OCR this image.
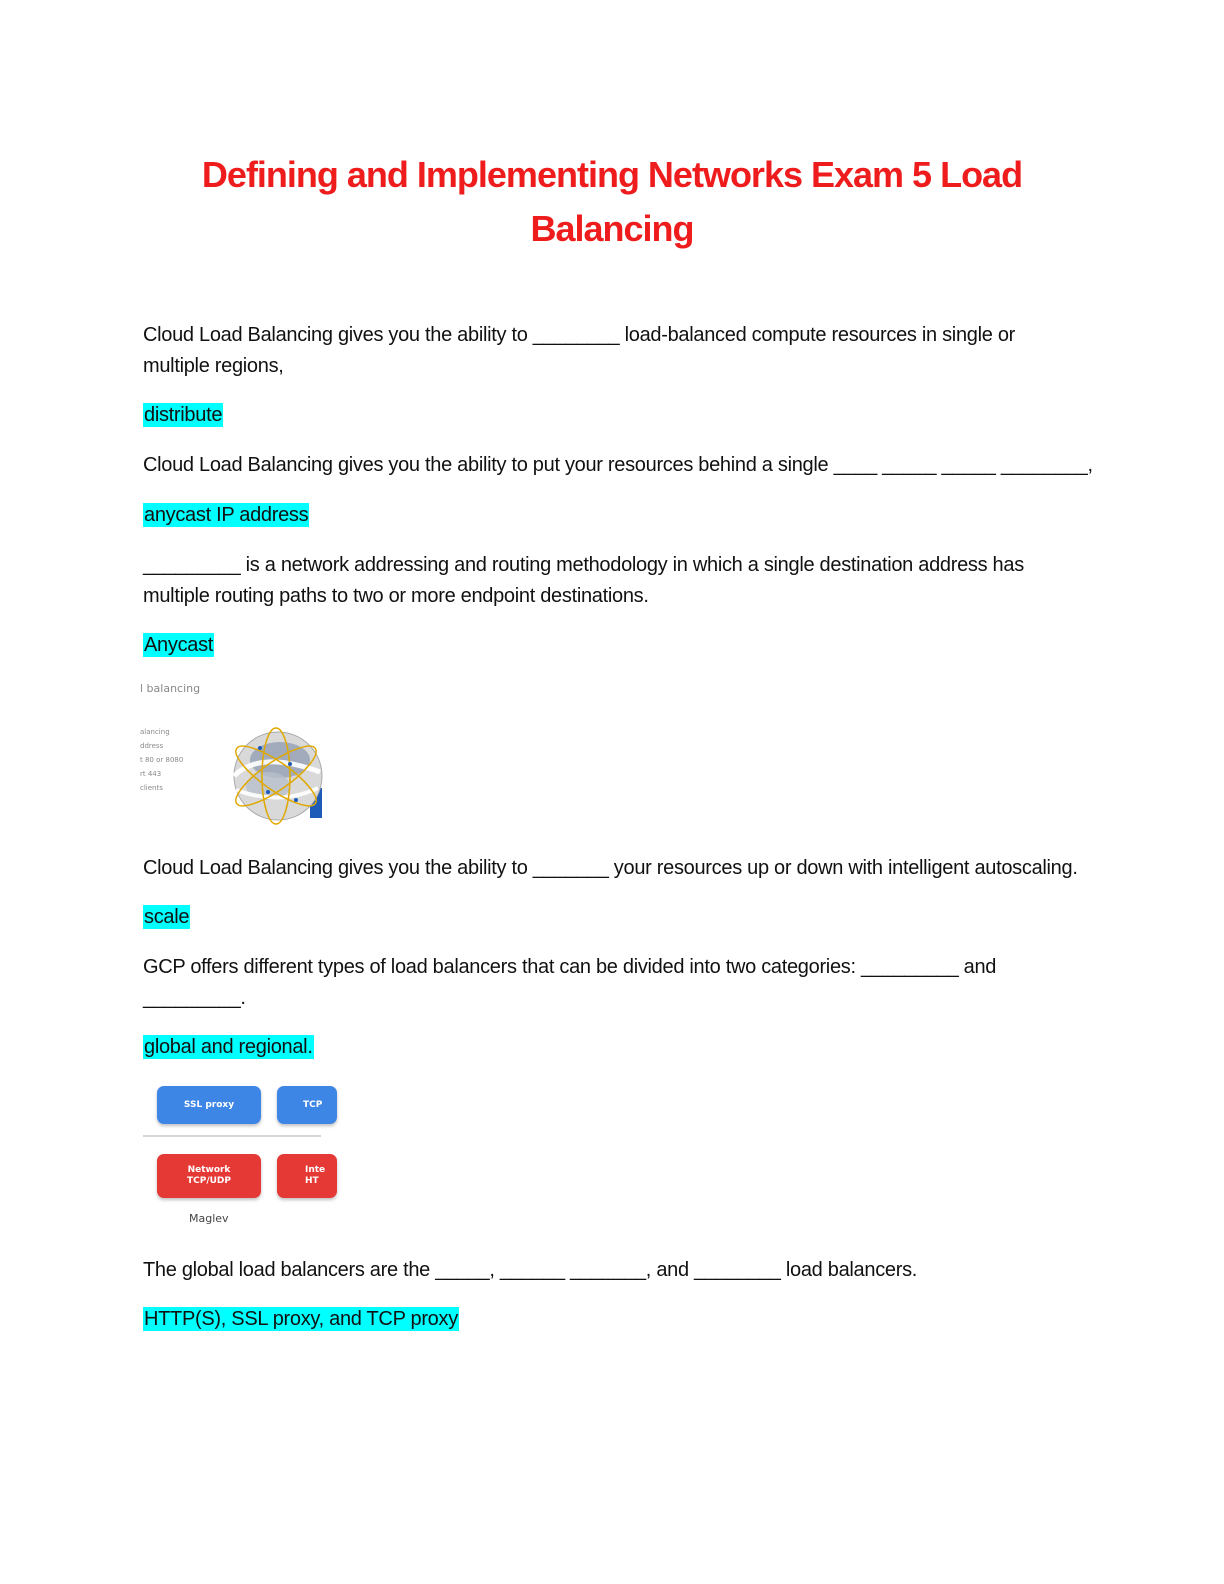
Defining and Implementing Networks Exam 5 Load Balancing
Cloud Load Balancing gives you the ability to ________ load-balanced compute resources in single or multiple regions,
distribute
Cloud Load Balancing gives you the ability to put your resources behind a single ____ _____ _____ ________,
anycast IP address
_________ is a network addressing and routing methodology in which a single destination address has multiple routing paths to two or more endpoint destinations.
Anycast
l balancing
alancing
ddress
t 80 or 8080
rt 443
clients
Cloud Load Balancing gives you the ability to _______ your resources up or down with intelligent autoscaling.
scale
GCP offers different types of load balancers that can be divided into two categories: _________ and _________.
global and regional.
SSL proxy	TCP
Network TCP/UDP
Inte HT
Maglev
The global load balancers are the _____, ______ _______, and ________ load balancers.
HTTP(S), SSL proxy, and TCP proxy
